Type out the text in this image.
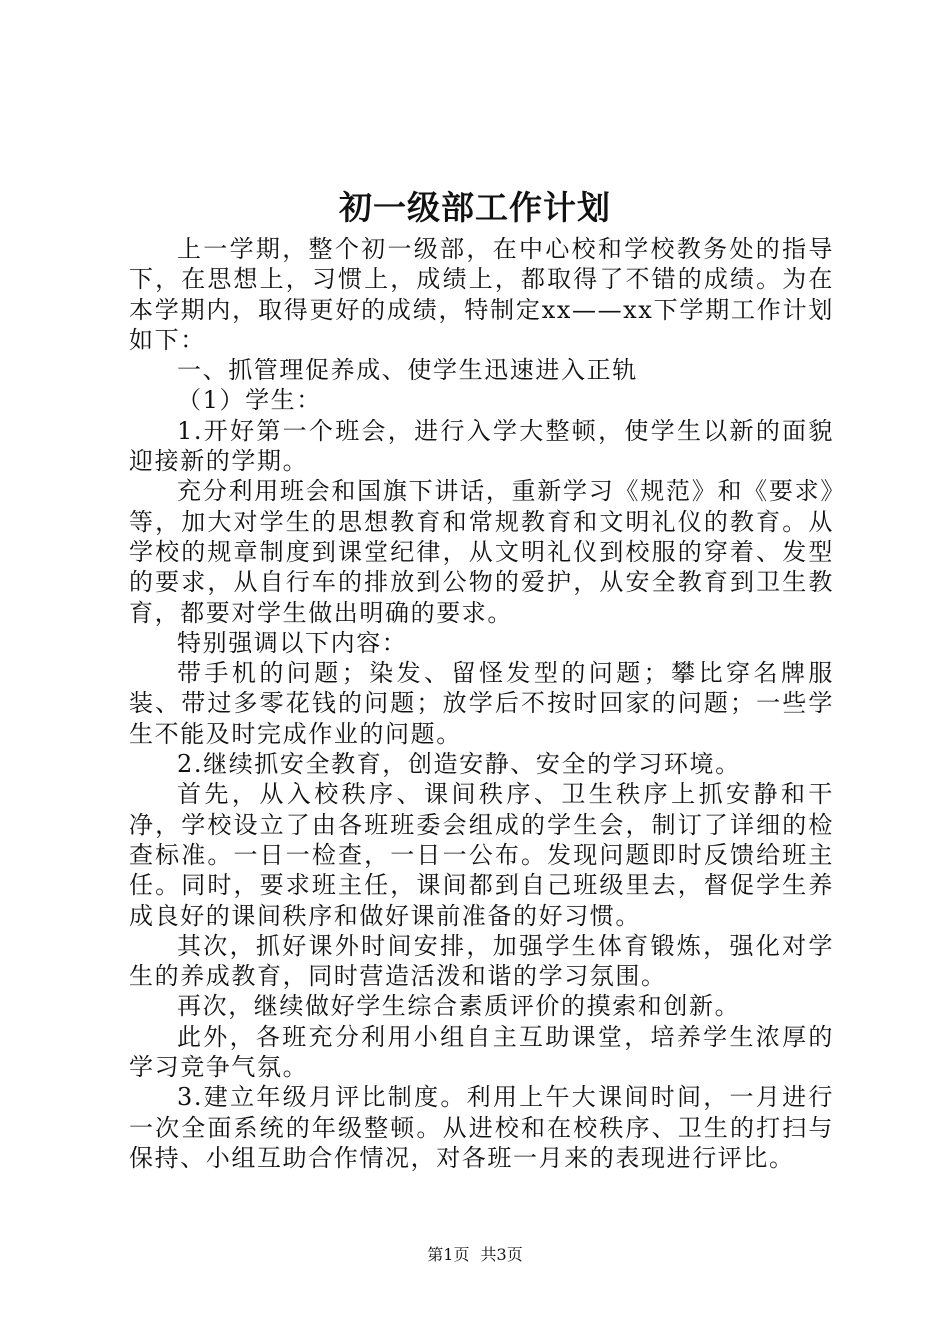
初一级部工作计划

上一学期，整个初一级部，在中心校和学校教务处的指导下，在思想上，习惯上，成绩上，都取得了不错的成绩。为在本学期内，取得更好的成绩，特制定xx——xx下学期工作计划如下：

一、抓管理促养成、使学生迅速进入正轨

（1）学生：

1.开好第一个班会，进行入学大整顿，使学生以新的面貌迎接新的学期。

充分利用班会和国旗下讲话，重新学习《规范》和《要求》等，加大对学生的思想教育和常规教育和文明礼仪的教育。从学校的规章制度到课堂纪律，从文明礼仪到校服的穿着、发型的要求，从自行车的排放到公物的爱护，从安全教育到卫生教育，都要对学生做出明确的要求。

特别强调以下内容：

带手机的问题；染发、留怪发型的问题；攀比穿名牌服装、带过多零花钱的问题；放学后不按时回家的问题；一些学生不能及时完成作业的问题。

2.继续抓安全教育，创造安静、安全的学习环境。

首先，从入校秩序、课间秩序、卫生秩序上抓安静和干净，学校设立了由各班班委会组成的学生会，制订了详细的检查标准。一日一检查，一日一公布。发现问题即时反馈给班主任。同时，要求班主任，课间都到自己班级里去，督促学生养成良好的课间秩序和做好课前准备的好习惯。

其次，抓好课外时间安排，加强学生体育锻炼，强化对学生的养成教育，同时营造活泼和谐的学习氛围。

再次，继续做好学生综合素质评价的摸索和创新。

此外，各班充分利用小组自主互助课堂，培养学生浓厚的学习竞争气氛。

3.建立年级月评比制度。利用上午大课间时间，一月进行一次全面系统的年级整顿。从进校和在校秩序、卫生的打扫与保持、小组互助合作情况，对各班一月来的表现进行评比。

第1页 共3页
